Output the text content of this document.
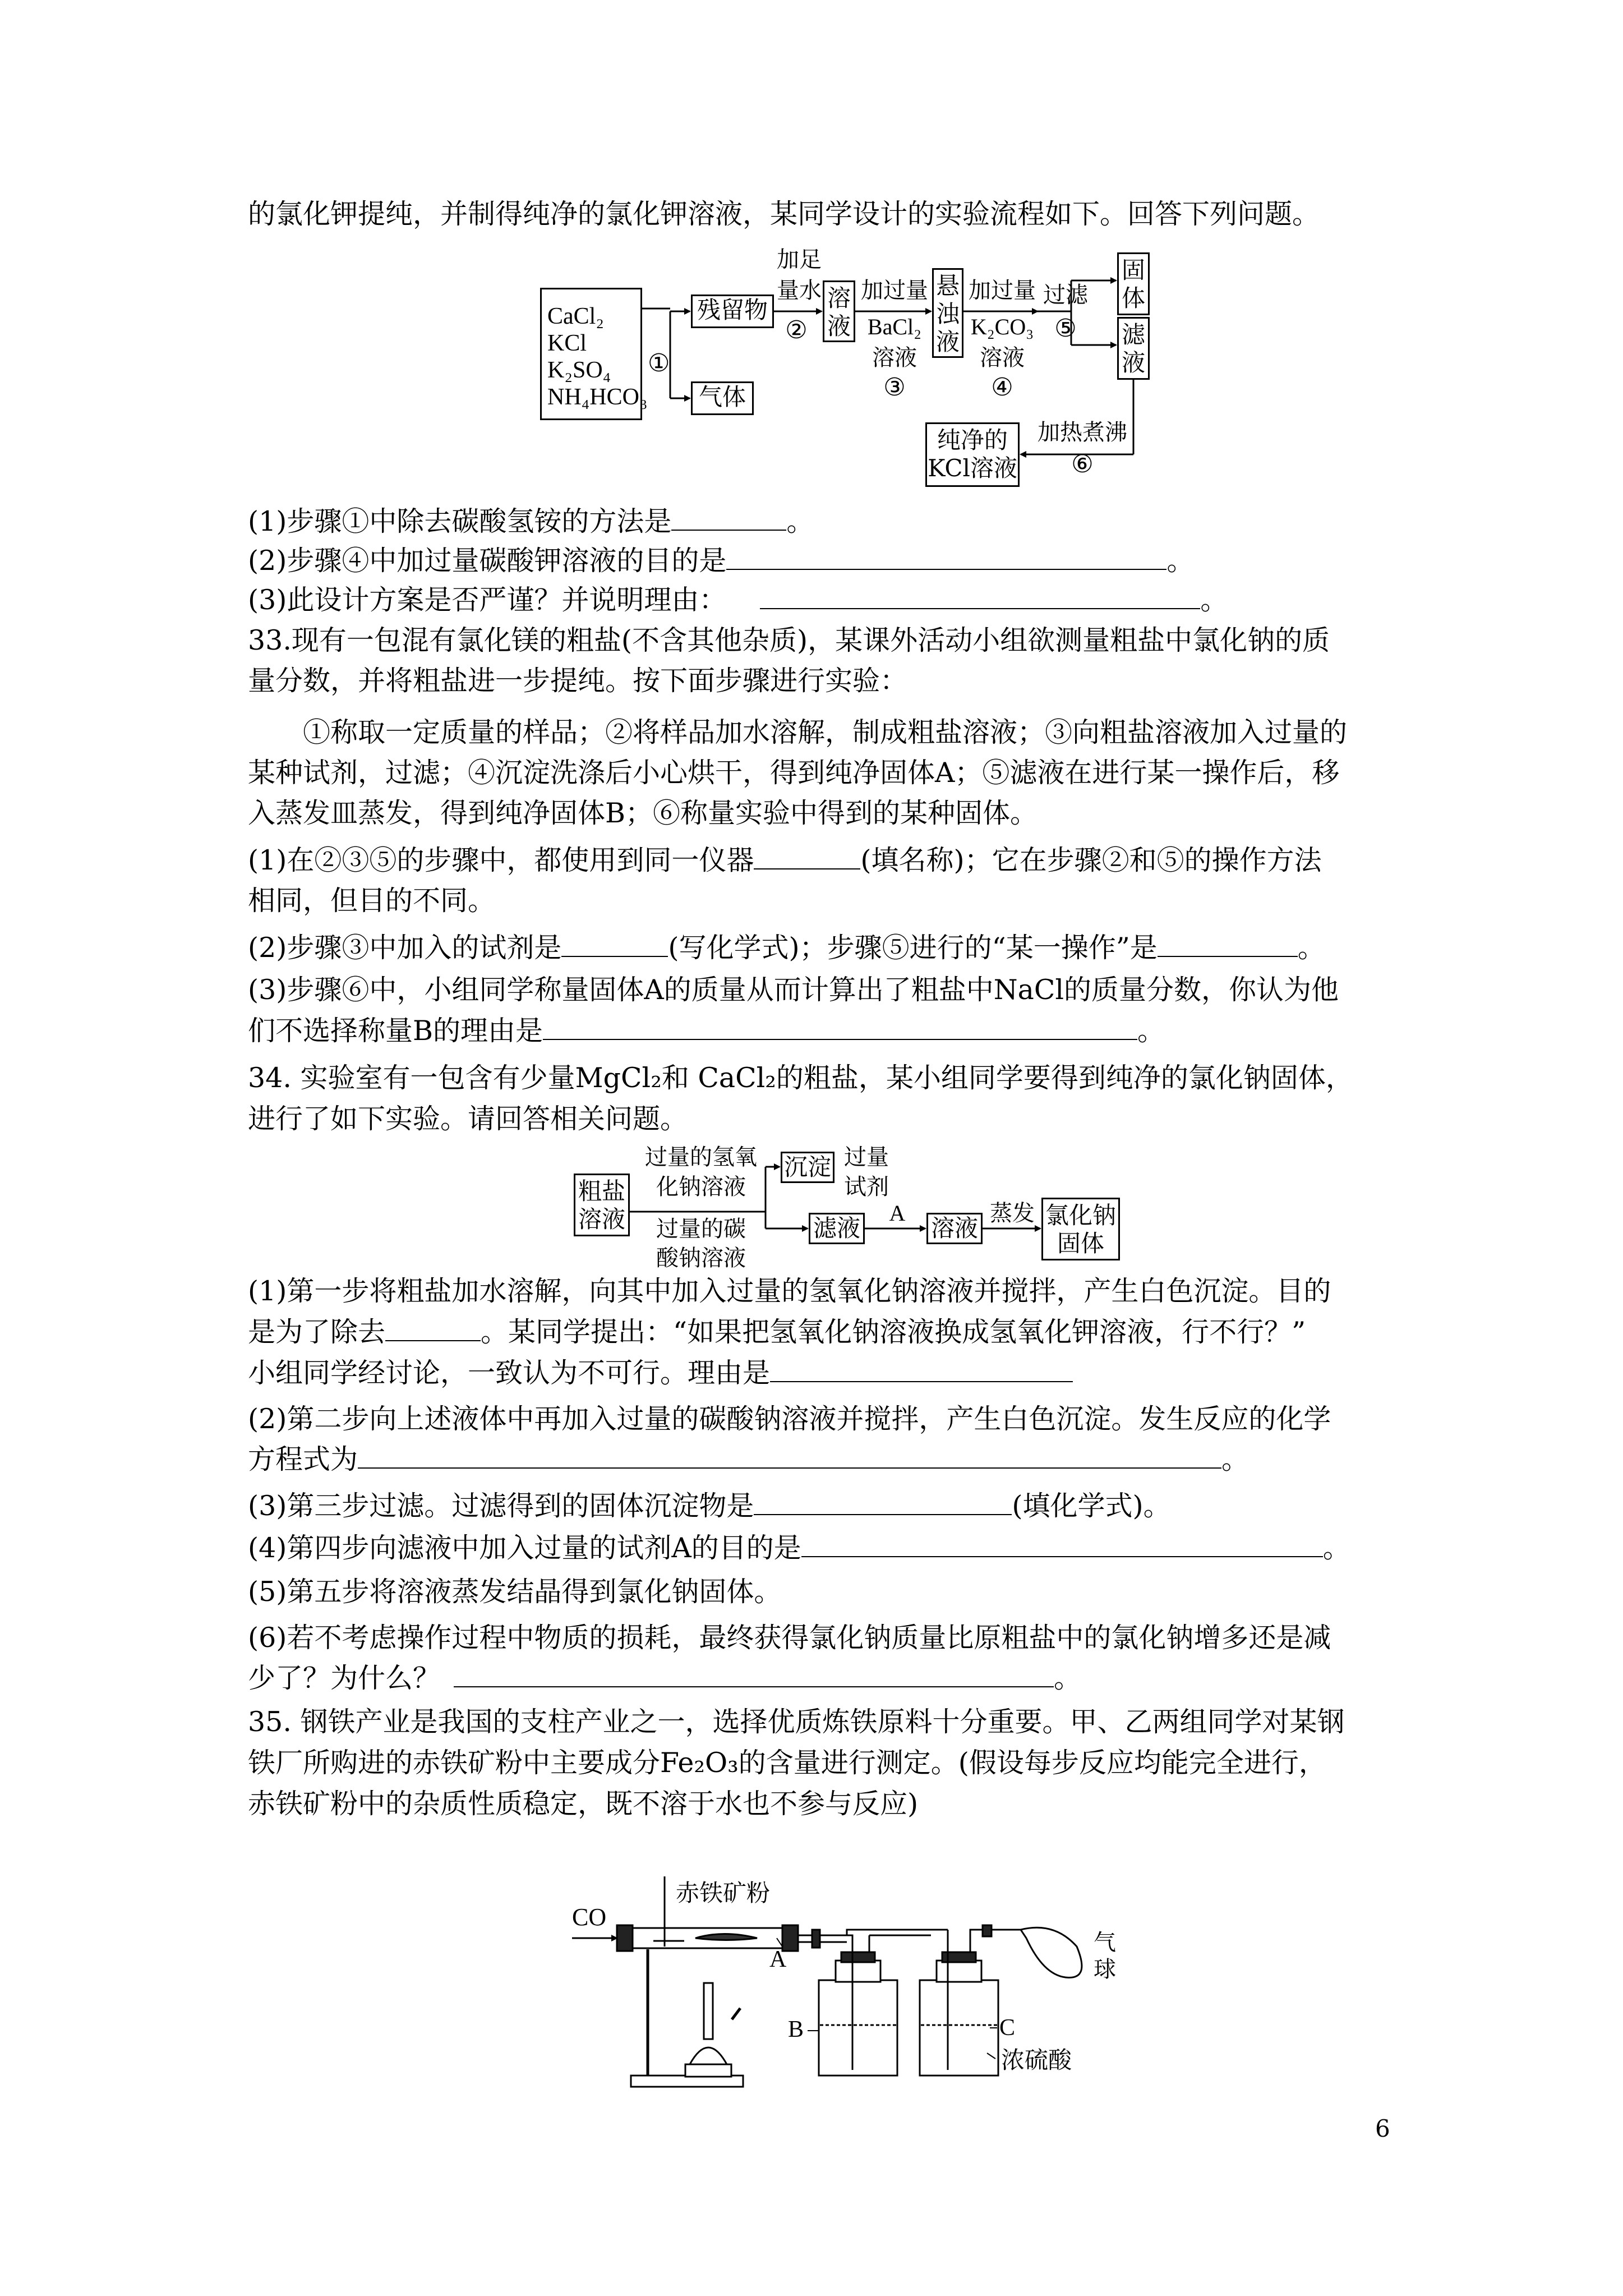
的氯化钾提纯，并制得纯净的氯化钾溶液，某同学设计的实验流程如下。回答下列问题。
CaCl₂
KCl
K₂SO₄
NH₄HCO₃
①
残留物
气体
加足
量水
②
溶液
加过量
BaCl₂
溶液
③
悬浊液
加过量
K₂CO₃
溶液
④
过滤
⑤
固体
滤液
加热煮沸
⑥
纯净的
KCl溶液
(1)步骤①中除去碳酸氢铵的方法是	。
(2)步骤④中加过量碳酸钾溶液的目的是	。
(3)此设计方案是否严谨？并说明理由：	。
33.现有一包混有氯化镁的粗盐(不含其他杂质)，某课外活动小组欲测量粗盐中氯化钠的质
量分数，并将粗盐进一步提纯。按下面步骤进行实验：
①称取一定质量的样品；②将样品加水溶解，制成粗盐溶液；③向粗盐溶液加入过量的
某种试剂，过滤；④沉淀洗涤后小心烘干，得到纯净固体A；⑤滤液在进行某一操作后，移
入蒸发皿蒸发，得到纯净固体B；⑥称量实验中得到的某种固体。
(1)在②③⑤的步骤中，都使用到同一仪器	(填名称)；它在步骤②和⑤的操作方法
相同，但目的不同。
(2)步骤③中加入的试剂是	(写化学式)；步骤⑤进行的“某一操作”是	。
(3)步骤⑥中，小组同学称量固体A的质量从而计算出了粗盐中NaCl的质量分数，你认为他
们不选择称量B的理由是	。
34. 实验室有一包含有少量MgCl₂和 CaCl₂的粗盐，某小组同学要得到纯净的氯化钠固体，
进行了如下实验。请回答相关问题。
粗盐
溶液
过量的氢氧
化钠溶液
过量的碳
酸钠溶液
沉淀 过量
试剂
滤液
A
溶液
蒸发 氯化钠
固体
(1)第一步将粗盐加水溶解，向其中加入过量的氢氧化钠溶液并搅拌，产生白色沉淀。目的
是为了除去	。某同学提出：“如果把氢氧化钠溶液换成氢氧化钾溶液，行不行？”
小组同学经讨论，一致认为不可行。理由是
(2)第二步向上述液体中再加入过量的碳酸钠溶液并搅拌，产生白色沉淀。发生反应的化学
方程式为	。
(3)第三步过滤。过滤得到的固体沉淀物是	(填化学式)。
(4)第四步向滤液中加入过量的试剂A的目的是	。
(5)第五步将溶液蒸发结晶得到氯化钠固体。
(6)若不考虑操作过程中物质的损耗，最终获得氯化钠质量比原粗盐中的氯化钠增多还是减
少了？为什么？	。
35. 钢铁产业是我国的支柱产业之一，选择优质炼铁原料十分重要。甲、乙两组同学对某钢
铁厂所购进的赤铁矿粉中主要成分Fe₂O₃的含量进行测定。(假设每步反应均能完全进行，
赤铁矿粉中的杂质性质稳定，既不溶于水也不参与反应)
CO
赤铁矿粉
A
B	C
浓硫酸
气
球
6
